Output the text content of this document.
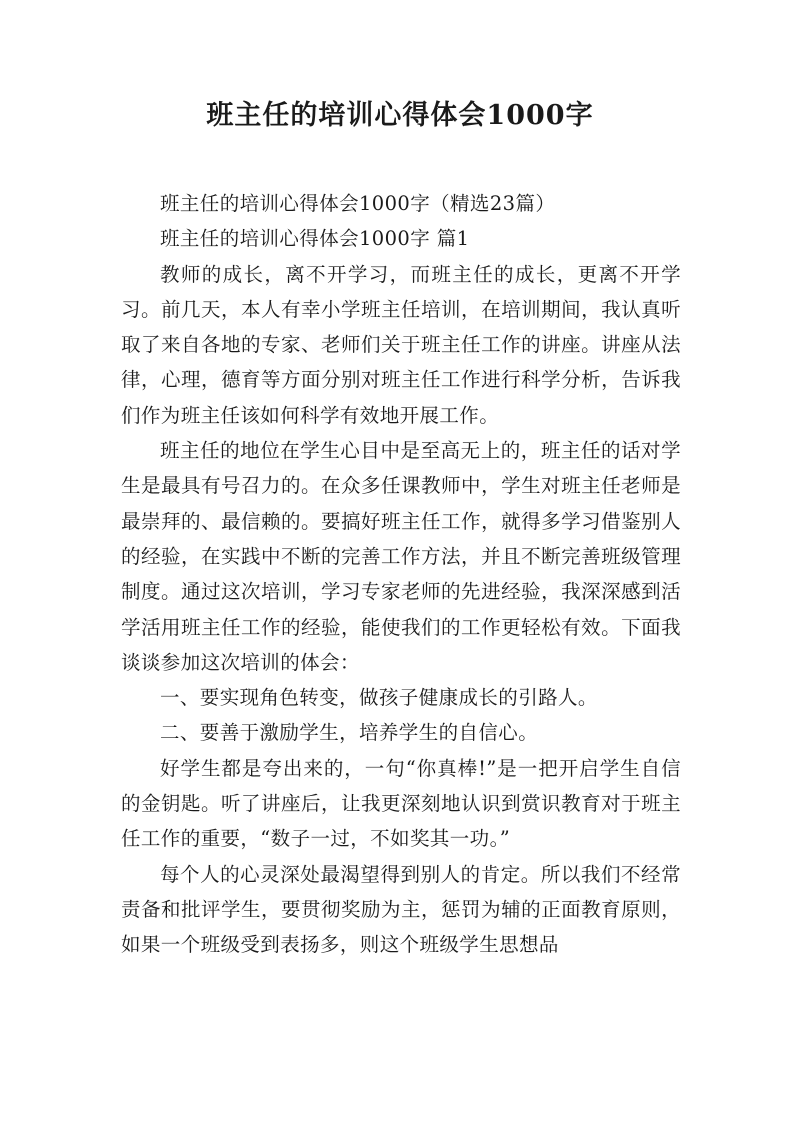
班主任的培训心得体会1000字

班主任的培训心得体会1000字（精选23篇）

班主任的培训心得体会1000字 篇1

教师的成长，离不开学习，而班主任的成长，更离不开学习。前几天，本人有幸小学班主任培训，在培训期间，我认真听取了来自各地的专家、老师们关于班主任工作的讲座。讲座从法律，心理，德育等方面分别对班主任工作进行科学分析，告诉我们作为班主任该如何科学有效地开展工作。

班主任的地位在学生心目中是至高无上的，班主任的话对学生是最具有号召力的。在众多任课教师中，学生对班主任老师是最崇拜的、最信赖的。要搞好班主任工作，就得多学习借鉴别人的经验，在实践中不断的完善工作方法，并且不断完善班级管理制度。通过这次培训，学习专家老师的先进经验，我深深感到活学活用班主任工作的经验，能使我们的工作更轻松有效。下面我谈谈参加这次培训的体会：

一、要实现角色转变，做孩子健康成长的引路人。

二、要善于激励学生，培养学生的自信心。

好学生都是夸出来的，一句“你真棒!”是一把开启学生自信的金钥匙。听了讲座后，让我更深刻地认识到赏识教育对于班主任工作的重要，“数子一过，不如奖其一功。”

每个人的心灵深处最渴望得到别人的肯定。所以我们不经常责备和批评学生，要贯彻奖励为主，惩罚为辅的正面教育原则，如果一个班级受到表扬多，则这个班级学生思想品
